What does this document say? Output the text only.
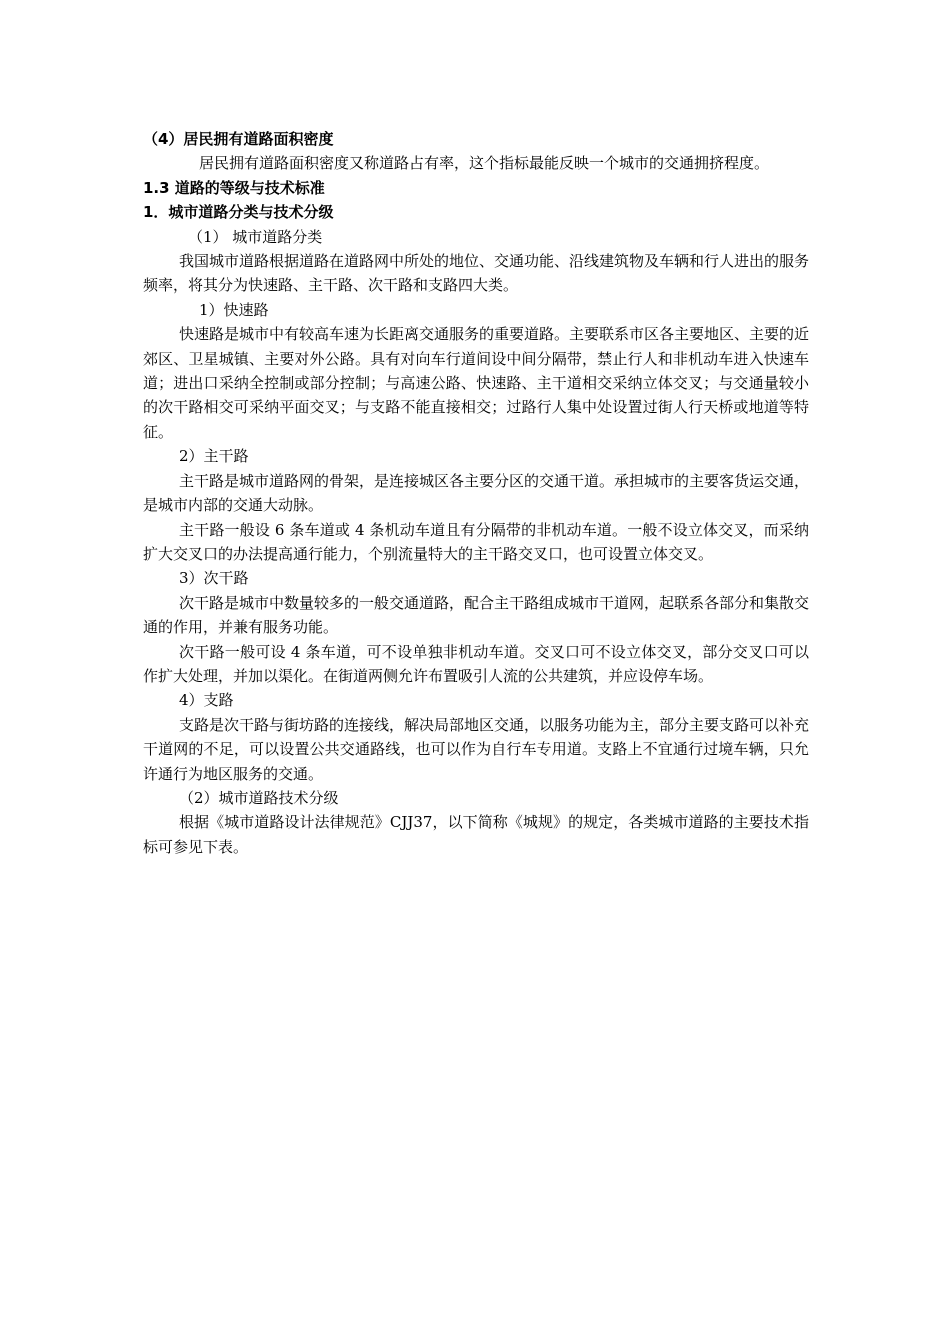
（4）居民拥有道路面积密度

居民拥有道路面积密度又称道路占有率，这个指标最能反映一个城市的交通拥挤程度。

1.3 道路的等级与技术标准

1．城市道路分类与技术分级

（1） 城市道路分类

我国城市道路根据道路在道路网中所处的地位、交通功能、沿线建筑物及车辆和行人进出的服务频率，将其分为快速路、主干路、次干路和支路四大类。

1）快速路

快速路是城市中有较高车速为长距离交通服务的重要道路。主要联系市区各主要地区、主要的近郊区、卫星城镇、主要对外公路。具有对向车行道间设中间分隔带，禁止行人和非机动车进入快速车道；进出口采纳全控制或部分控制；与高速公路、快速路、主干道相交采纳立体交叉；与交通量较小的次干路相交可采纳平面交叉；与支路不能直接相交；过路行人集中处设置过街人行天桥或地道等特征。

2）主干路

主干路是城市道路网的骨架，是连接城区各主要分区的交通干道。承担城市的主要客货运交通，是城市内部的交通大动脉。

主干路一般设 6 条车道或 4 条机动车道且有分隔带的非机动车道。一般不设立体交叉，而采纳扩大交叉口的办法提高通行能力，个别流量特大的主干路交叉口，也可设置立体交叉。

3）次干路

次干路是城市中数量较多的一般交通道路，配合主干路组成城市干道网，起联系各部分和集散交通的作用，并兼有服务功能。

次干路一般可设 4 条车道，可不设单独非机动车道。交叉口可不设立体交叉，部分交叉口可以作扩大处理，并加以渠化。在街道两侧允许布置吸引人流的公共建筑，并应设停车场。

4）支路

支路是次干路与街坊路的连接线，解决局部地区交通，以服务功能为主，部分主要支路可以补充干道网的不足，可以设置公共交通路线，也可以作为自行车专用道。支路上不宜通行过境车辆，只允许通行为地区服务的交通。

（2）城市道路技术分级

根据《城市道路设计法律规范》CJJ37，以下简称《城规》的规定，各类城市道路的主要技术指标可参见下表。
